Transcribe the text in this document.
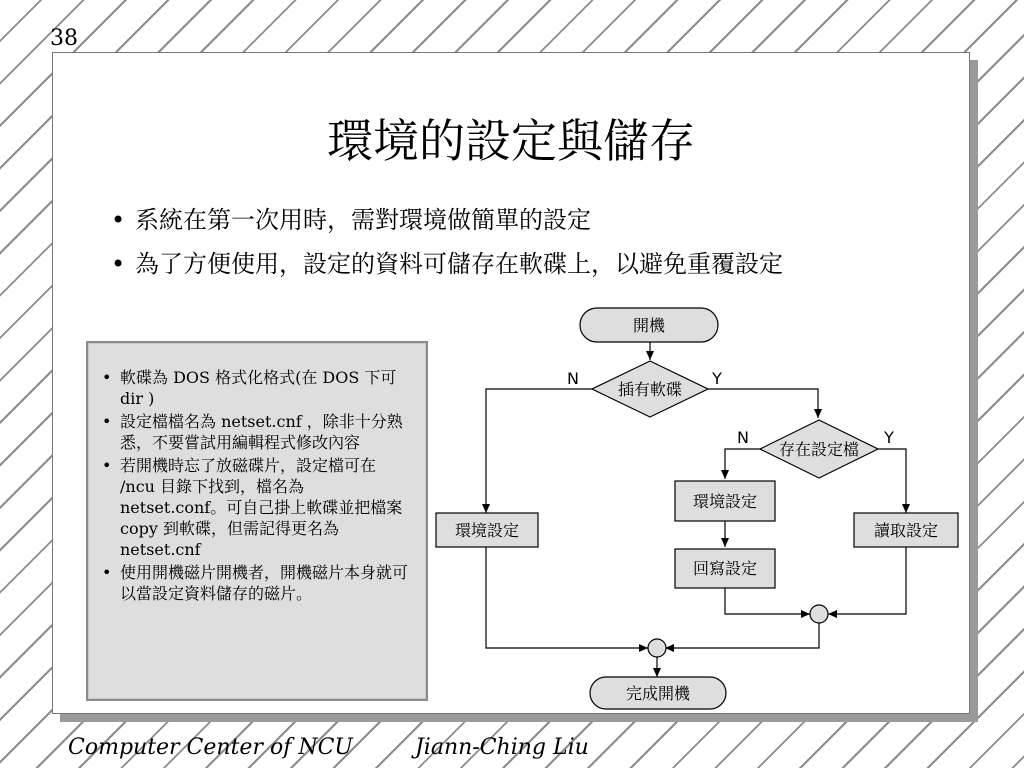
38
環境的設定與儲存
• 系統在第一次用時，需對環境做簡單的設定
• 為了方便使用，設定的資料可儲存在軟碟上，以避免重覆設定
• 軟碟為 DOS 格式化格式(在 DOS 下可 dir )
• 設定檔檔名為 netset.cnf ，除非十分熟悉，不要嘗試用編輯程式修改內容
• 若開機時忘了放磁碟片，設定檔可在 /ncu 目錄下找到，檔名為 netset.conf。可自己掛上軟碟並把檔案 copy 到軟碟，但需記得更名為 netset.cnf
• 使用開機磁片開機者，開機磁片本身就可以當設定資料儲存的磁片。
開機
插有軟碟
N	Y
存在設定檔
N	Y
環境設定
環境設定
回寫設定
讀取設定
完成開機
Computer Center of NCU	Jiann-Ching Liu
